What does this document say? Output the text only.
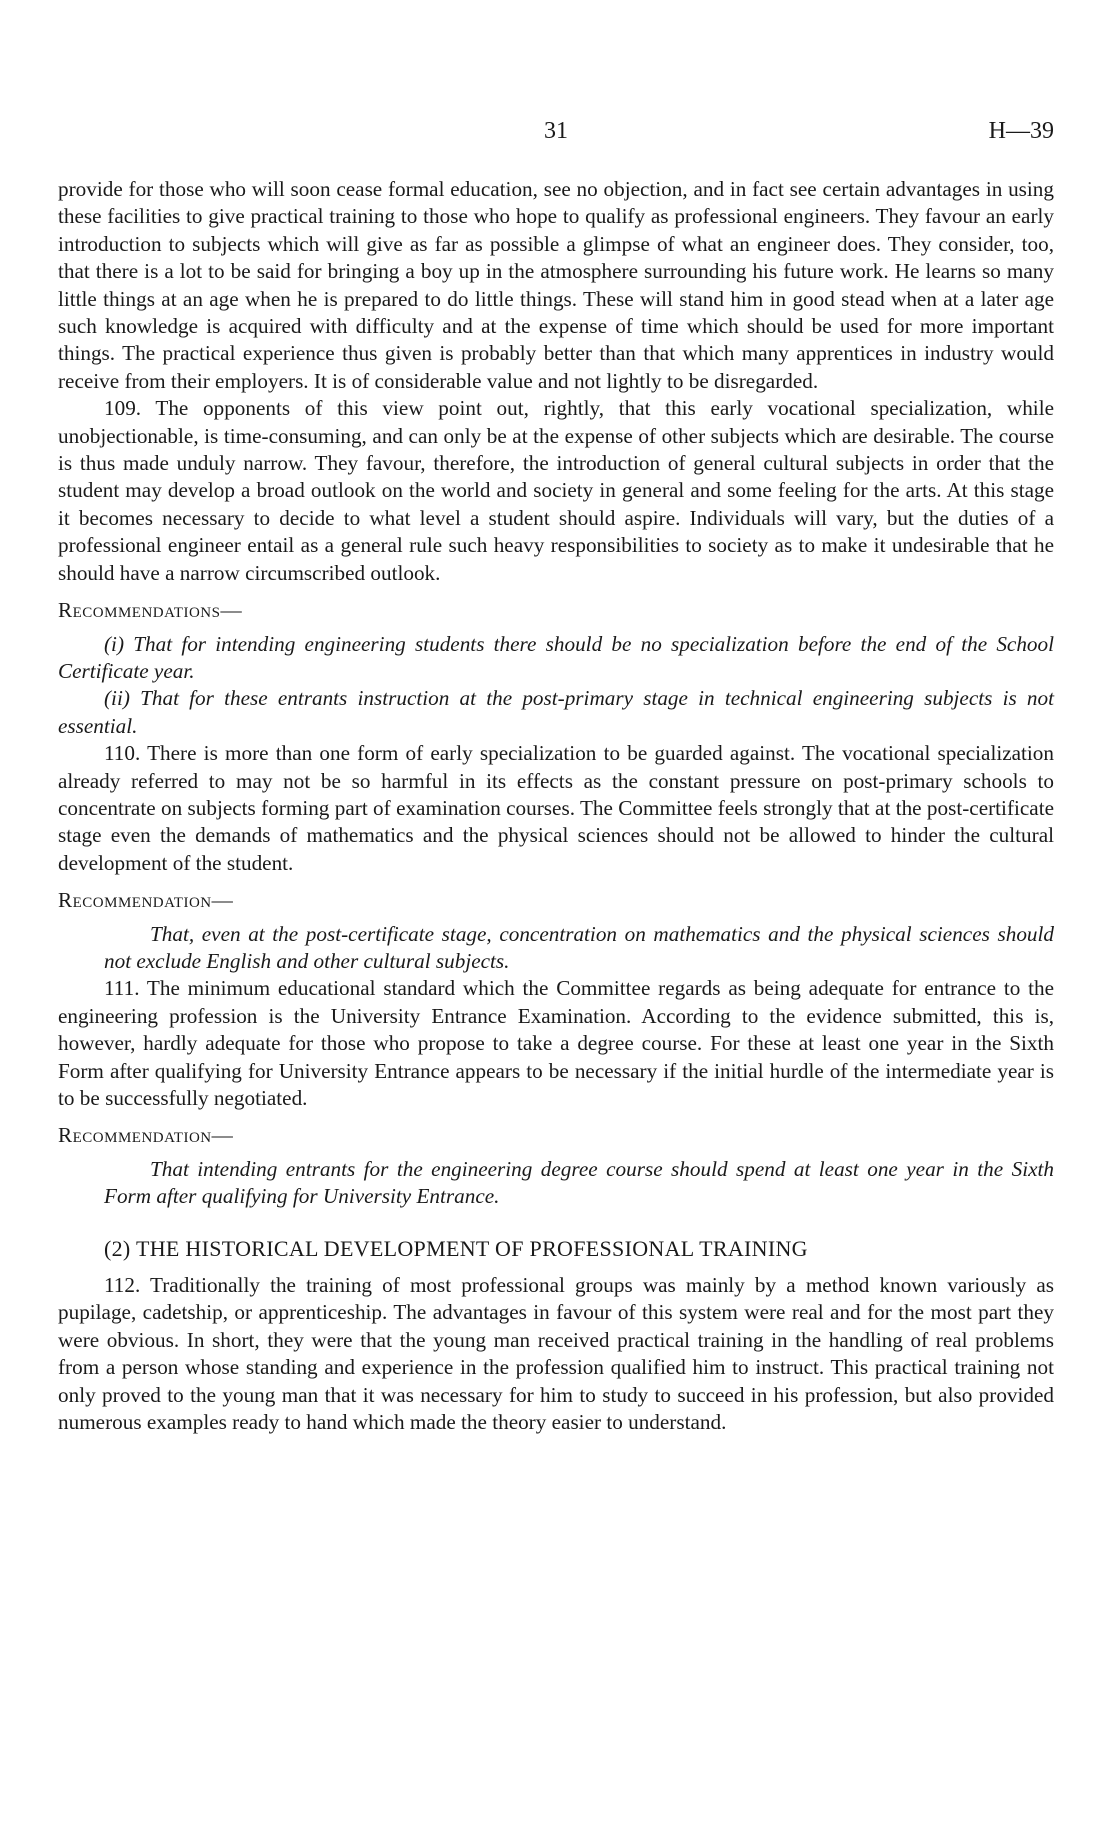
31	H—39

provide for those who will soon cease formal education, see no objection, and in fact see certain advantages in using these facilities to give practical training to those who hope to qualify as professional engineers. They favour an early introduction to subjects which will give as far as possible a glimpse of what an engineer does. They consider, too, that there is a lot to be said for bringing a boy up in the atmosphere surrounding his future work. He learns so many little things at an age when he is prepared to do little things. These will stand him in good stead when at a later age such knowledge is acquired with difficulty and at the expense of time which should be used for more important things. The practical experience thus given is probably better than that which many apprentices in industry would receive from their employers. It is of considerable value and not lightly to be disregarded.

109. The opponents of this view point out, rightly, that this early vocational specialization, while unobjectionable, is time-consuming, and can only be at the expense of other subjects which are desirable. The course is thus made unduly narrow. They favour, therefore, the introduction of general cultural subjects in order that the student may develop a broad outlook on the world and society in general and some feeling for the arts. At this stage it becomes necessary to decide to what level a student should aspire. Individuals will vary, but the duties of a professional engineer entail as a general rule such heavy responsibilities to society as to make it undesirable that he should have a narrow circumscribed outlook.

Recommendations—

(i) That for intending engineering students there should be no specialization before the end of the School Certificate year.

(ii) That for these entrants instruction at the post-primary stage in technical engineering subjects is not essential.

110. There is more than one form of early specialization to be guarded against. The vocational specialization already referred to may not be so harmful in its effects as the constant pressure on post-primary schools to concentrate on subjects forming part of examination courses. The Committee feels strongly that at the post-certificate stage even the demands of mathematics and the physical sciences should not be allowed to hinder the cultural development of the student.

Recommendation—

That, even at the post-certificate stage, concentration on mathematics and the physical sciences should not exclude English and other cultural subjects.

111. The minimum educational standard which the Committee regards as being adequate for entrance to the engineering profession is the University Entrance Examination. According to the evidence submitted, this is, however, hardly adequate for those who propose to take a degree course. For these at least one year in the Sixth Form after qualifying for University Entrance appears to be necessary if the initial hurdle of the intermediate year is to be successfully negotiated.

Recommendation—

That intending entrants for the engineering degree course should spend at least one year in the Sixth Form after qualifying for University Entrance.

(2) THE HISTORICAL DEVELOPMENT OF PROFESSIONAL TRAINING

112. Traditionally the training of most professional groups was mainly by a method known variously as pupilage, cadetship, or apprenticeship. The advantages in favour of this system were real and for the most part they were obvious. In short, they were that the young man received practical training in the handling of real problems from a person whose standing and experience in the profession qualified him to instruct. This practical training not only proved to the young man that it was necessary for him to study to succeed in his profession, but also provided numerous examples ready to hand which made the theory easier to understand.
